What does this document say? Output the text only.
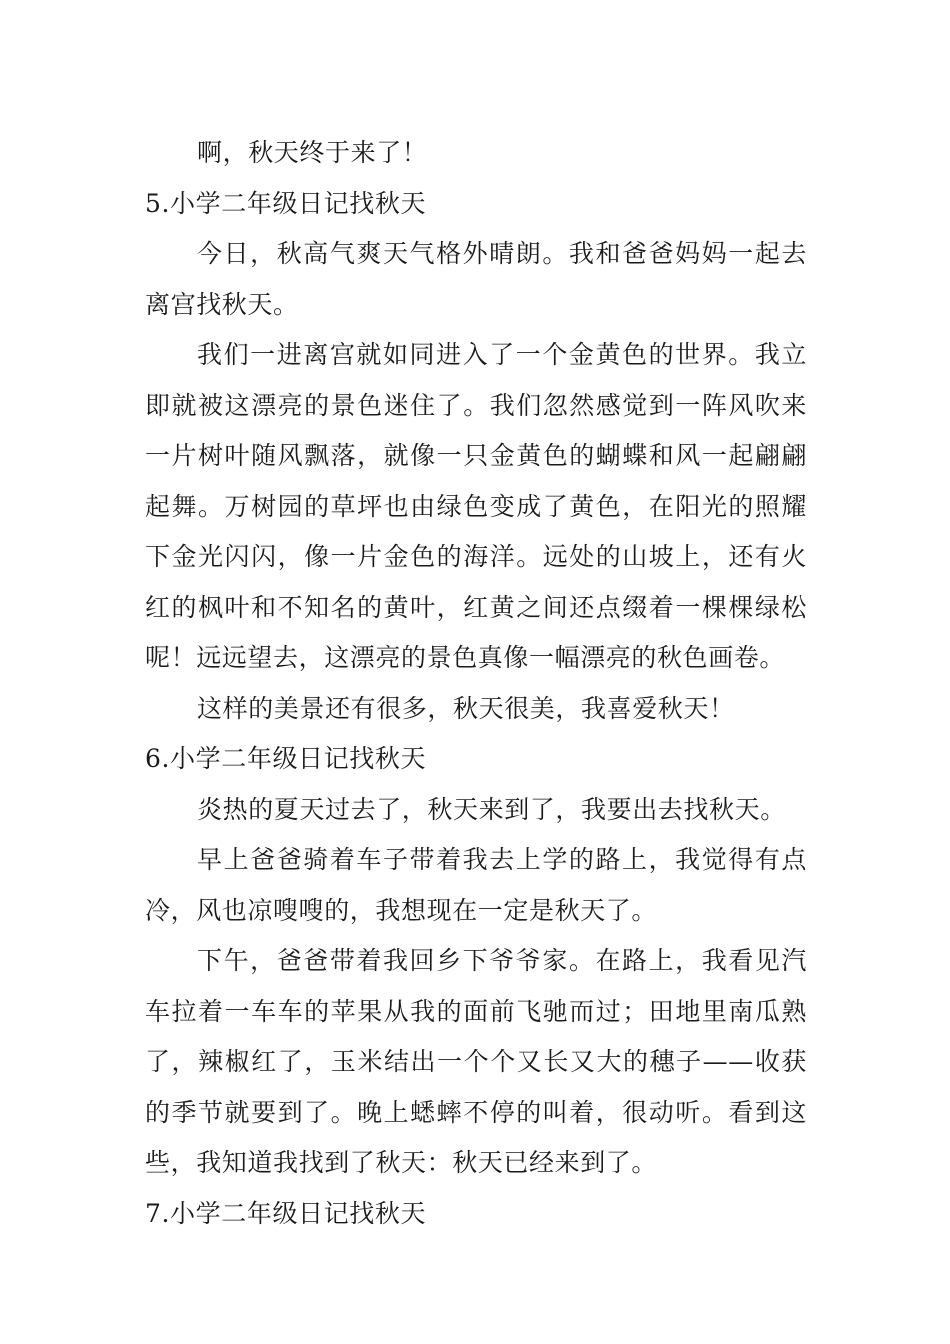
啊，秋天终于来了！

5.小学二年级日记找秋天

今日，秋高气爽天气格外晴朗。我和爸爸妈妈一起去离宫找秋天。

我们一进离宫就如同进入了一个金黄色的世界。我立即就被这漂亮的景色迷住了。我们忽然感觉到一阵风吹来一片树叶随风飘落，就像一只金黄色的蝴蝶和风一起翩翩起舞。万树园的草坪也由绿色变成了黄色，在阳光的照耀下金光闪闪，像一片金色的海洋。远处的山坡上，还有火红的枫叶和不知名的黄叶，红黄之间还点缀着一棵棵绿松呢！远远望去，这漂亮的景色真像一幅漂亮的秋色画卷。

这样的美景还有很多，秋天很美，我喜爱秋天！

6.小学二年级日记找秋天

炎热的夏天过去了，秋天来到了，我要出去找秋天。

早上爸爸骑着车子带着我去上学的路上，我觉得有点冷，风也凉嗖嗖的，我想现在一定是秋天了。

下午，爸爸带着我回乡下爷爷家。在路上，我看见汽车拉着一车车的苹果从我的面前飞驰而过；田地里南瓜熟了，辣椒红了，玉米结出一个个又长又大的穗子——收获的季节就要到了。晚上蟋蟀不停的叫着，很动听。看到这些，我知道我找到了秋天：秋天已经来到了。

7.小学二年级日记找秋天
